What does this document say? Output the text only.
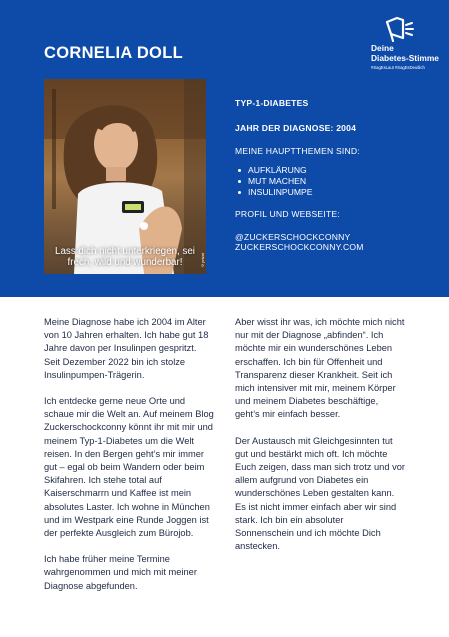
CORNELIA DOLL	Deine
Diabetes-Stimme
#SagEsLaut #SagEsDeutlich
Lass dich nicht unterkriegen, sei frech, wild und wunderbar!	©privat
TYP-1-DIABETES
JAHR DER DIAGNOSE: 2004
MEINE HAUPTTHEMEN SIND:
AUFKLÄRUNG
MUT MACHEN
INSULINPUMPE
PROFIL UND WEBSEITE:
@ZUCKERSCHOCKCONNY
ZUCKERSCHOCKCONNY.COM

Meine Diagnose habe ich 2004 im Alter von 10 Jahren erhalten. Ich habe gut 18 Jahre davon per Insulinpen gespritzt. Seit Dezember 2022 bin ich stolze Insulinpumpen-Trägerin.

Ich entdecke gerne neue Orte und schaue mir die Welt an. Auf meinem Blog Zuckerschockconny könnt ihr mit mir und meinem Typ-1-Diabetes um die Welt reisen. In den Bergen geht’s mir immer gut – egal ob beim Wandern oder beim Skifahren. Ich stehe total auf Kaiserschmarrn und Kaffee ist mein absolutes Laster. Ich wohne in München und im Westpark eine Runde Joggen ist der perfekte Ausgleich zum Bürojob.

Ich habe früher meine Termine wahrgenommen und mich mit meiner Diagnose abgefunden.

Aber wisst ihr was, ich möchte mich nicht nur mit der Diagnose „abfinden“. Ich möchte mir ein wunderschönes Leben erschaffen. Ich bin für Offenheit und Transparenz dieser Krankheit. Seit ich mich intensiver mit mir, meinem Körper und meinem Diabetes beschäftige, geht’s mir einfach besser.

Der Austausch mit Gleichgesinnten tut gut und bestärkt mich oft. Ich möchte Euch zeigen, dass man sich trotz und vor allem aufgrund von Diabetes ein wunderschönes Leben gestalten kann. Es ist nicht immer einfach aber wir sind stark. Ich bin ein absoluter Sonnenschein und ich möchte Dich anstecken.
